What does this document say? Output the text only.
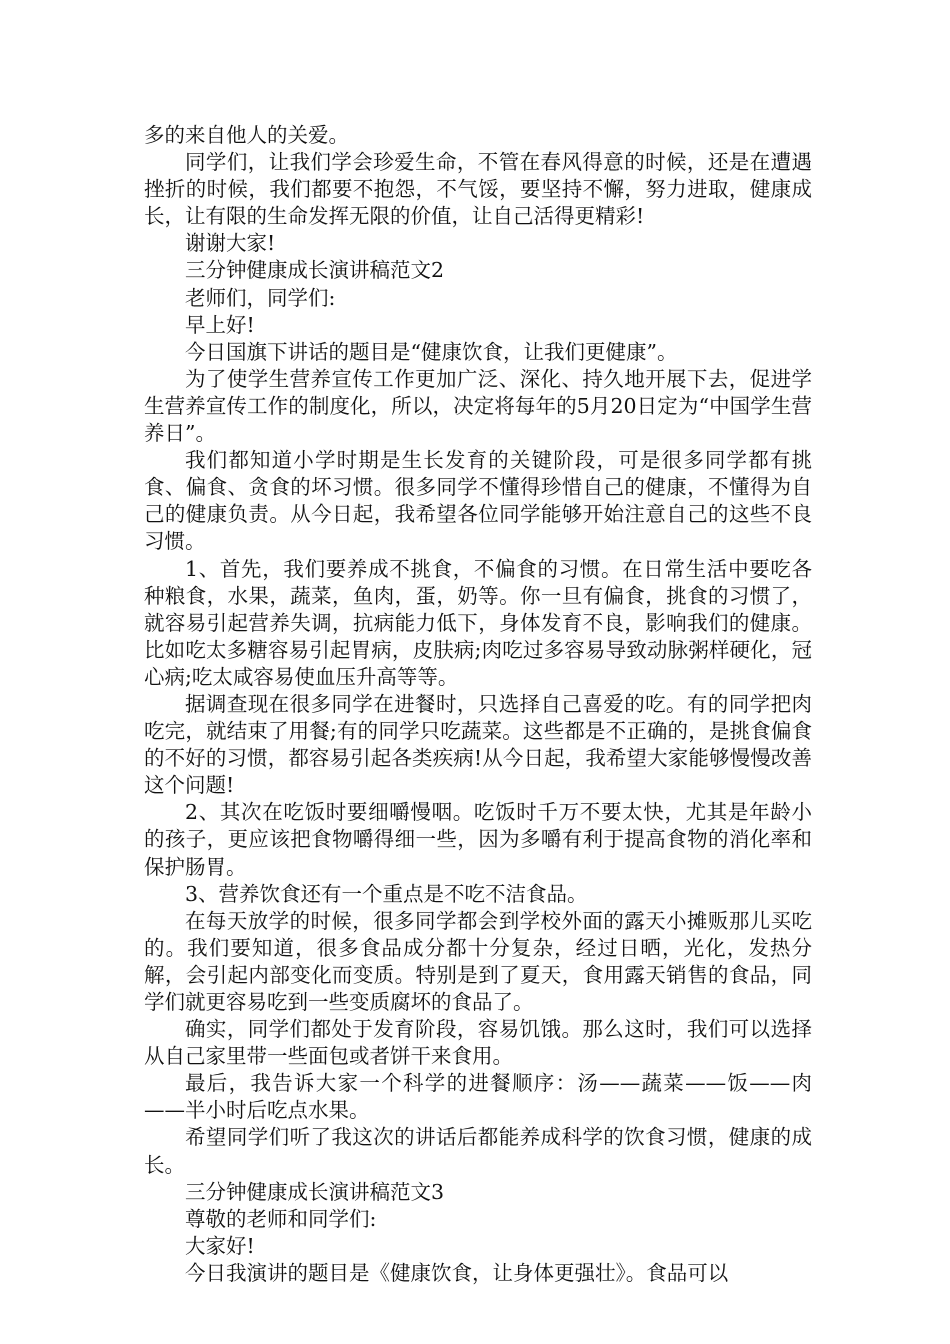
多的来自他人的关爱。

同学们，让我们学会珍爱生命，不管在春风得意的时候，还是在遭遇挫折的时候，我们都要不抱怨，不气馁，要坚持不懈，努力进取，健康成长，让有限的生命发挥无限的价值，让自己活得更精彩!

谢谢大家!

三分钟健康成长演讲稿范文2

老师们，同学们:

早上好!

今日国旗下讲话的题目是“健康饮食，让我们更健康”。

为了使学生营养宣传工作更加广泛、深化、持久地开展下去，促进学生营养宣传工作的制度化，所以，决定将每年的5月20日定为“中国学生营养日”。

我们都知道小学时期是生长发育的关键阶段，可是很多同学都有挑食、偏食、贪食的坏习惯。很多同学不懂得珍惜自己的健康，不懂得为自己的健康负责。从今日起，我希望各位同学能够开始注意自己的这些不良习惯。

1、首先，我们要养成不挑食，不偏食的习惯。在日常生活中要吃各种粮食，水果，蔬菜，鱼肉，蛋，奶等。你一旦有偏食，挑食的习惯了，就容易引起营养失调，抗病能力低下，身体发育不良，影响我们的健康。比如吃太多糖容易引起胃病，皮肤病;肉吃过多容易导致动脉粥样硬化，冠心病;吃太咸容易使血压升高等等。

据调查现在很多同学在进餐时，只选择自己喜爱的吃。有的同学把肉吃完，就结束了用餐;有的同学只吃蔬菜。这些都是不正确的，是挑食偏食的不好的习惯，都容易引起各类疾病!从今日起，我希望大家能够慢慢改善这个问题!

2、其次在吃饭时要细嚼慢咽。吃饭时千万不要太快，尤其是年龄小的孩子，更应该把食物嚼得细一些，因为多嚼有利于提高食物的消化率和保护肠胃。

3、营养饮食还有一个重点是不吃不洁食品。

在每天放学的时候，很多同学都会到学校外面的露天小摊贩那儿买吃的。我们要知道，很多食品成分都十分复杂，经过日晒，光化，发热分解，会引起内部变化而变质。特别是到了夏天，食用露天销售的食品，同学们就更容易吃到一些变质腐坏的食品了。

确实，同学们都处于发育阶段，容易饥饿。那么这时，我们可以选择从自己家里带一些面包或者饼干来食用。

最后，我告诉大家一个科学的进餐顺序：汤——蔬菜——饭——肉——半小时后吃点水果。

希望同学们听了我这次的讲话后都能养成科学的饮食习惯，健康的成长。

三分钟健康成长演讲稿范文3

尊敬的老师和同学们:

大家好!

今日我演讲的题目是《健康饮食，让身体更强壮》。食品可以
